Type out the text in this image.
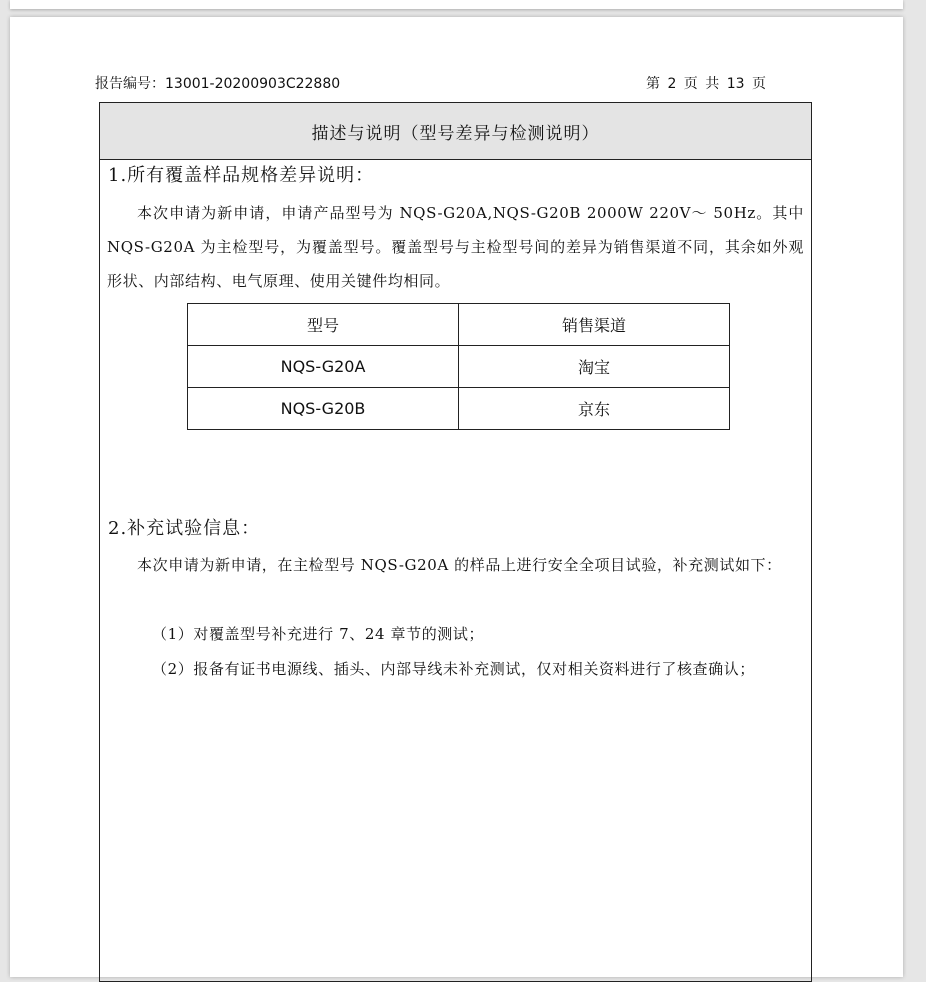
报告编号：13001-20200903C22880	第 2 页 共 13 页
描述与说明（型号差异与检测说明）
1.所有覆盖样品规格差异说明：
本次申请为新申请，申请产品型号为 NQS-G20A,NQS-G20B 2000W 220V～ 50Hz。其中 NQS-G20A 为主检型号，为覆盖型号。覆盖型号与主检型号间的差异为销售渠道不同，其余如外观形状、内部结构、电气原理、使用关键件均相同。
型号	销售渠道
NQS-G20A	淘宝
NQS-G20B	京东
2.补充试验信息：
本次申请为新申请，在主检型号 NQS-G20A 的样品上进行安全全项目试验，补充测试如下：
（1）对覆盖型号补充进行 7、24 章节的测试；
（2）报备有证书电源线、插头、内部导线未补充测试，仅对相关资料进行了核查确认；
